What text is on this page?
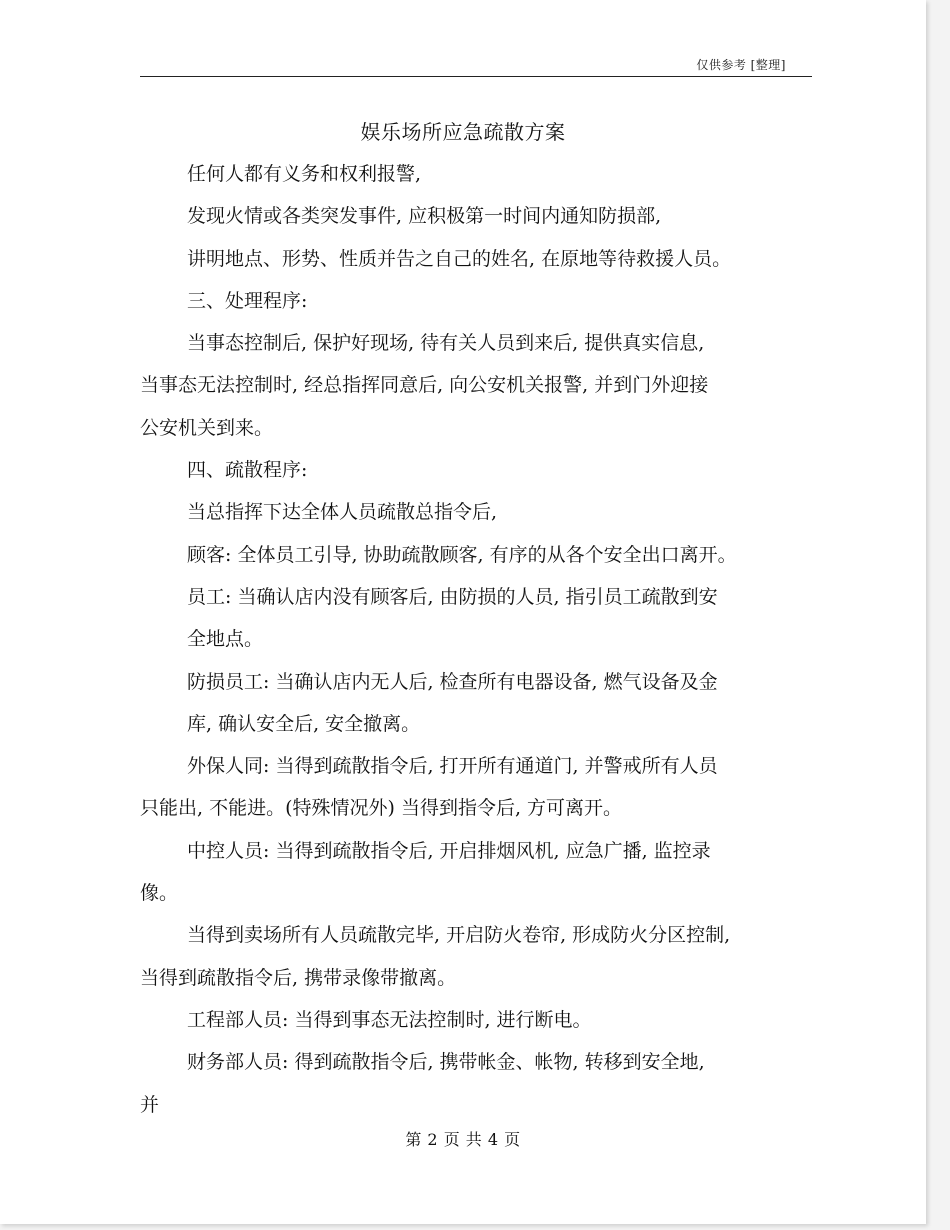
仅供参考 [整理]
娱乐场所应急疏散方案
任何人都有义务和权利报警,
发现火情或各类突发事件, 应积极第一时间内通知防损部,
讲明地点、形势、性质并告之自己的姓名, 在原地等待救援人员。
三、处理程序:
当事态控制后, 保护好现场, 待有关人员到来后, 提供真实信息,
当事态无法控制时, 经总指挥同意后, 向公安机关报警, 并到门外迎接
公安机关到来。
四、疏散程序:
当总指挥下达全体人员疏散总指令后,
顾客: 全体员工引导, 协助疏散顾客, 有序的从各个安全出口离开。
员工: 当确认店内没有顾客后, 由防损的人员, 指引员工疏散到安
全地点。
防损员工: 当确认店内无人后, 检查所有电器设备, 燃气设备及金
库, 确认安全后, 安全撤离。
外保人同: 当得到疏散指令后, 打开所有通道门, 并警戒所有人员
只能出, 不能进。(特殊情况外) 当得到指令后, 方可离开。
中控人员: 当得到疏散指令后, 开启排烟风机, 应急广播, 监控录
像。
当得到卖场所有人员疏散完毕, 开启防火卷帘, 形成防火分区控制,
当得到疏散指令后, 携带录像带撤离。
工程部人员: 当得到事态无法控制时, 进行断电。
财务部人员: 得到疏散指令后, 携带帐金、帐物, 转移到安全地,
并
第 2 页 共 4 页
